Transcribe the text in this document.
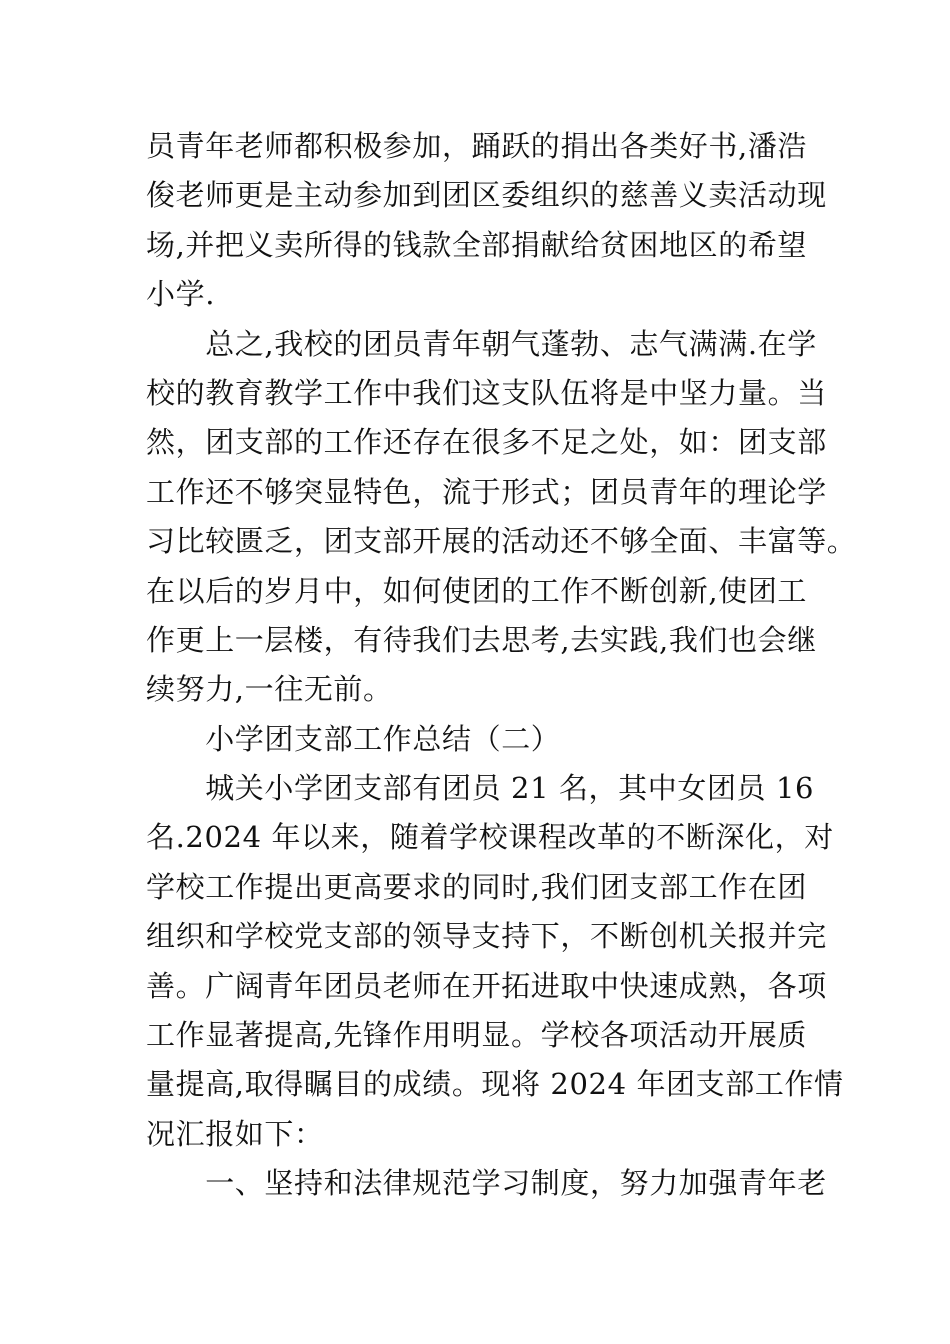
员青年老师都积极参加，踊跃的捐出各类好书,潘浩
俊老师更是主动参加到团区委组织的慈善义卖活动现
场,并把义卖所得的钱款全部捐献给贫困地区的希望
小学.
　　总之,我校的团员青年朝气蓬勃、志气满满.在学
校的教育教学工作中我们这支队伍将是中坚力量。当
然，团支部的工作还存在很多不足之处，如：团支部
工作还不够突显特色，流于形式；团员青年的理论学
习比较匮乏，团支部开展的活动还不够全面、丰富等。
在以后的岁月中，如何使团的工作不断创新,使团工
作更上一层楼，有待我们去思考,去实践,我们也会继
续努力,一往无前。
　　小学团支部工作总结（二）
　　城关小学团支部有团员 21 名，其中女团员 16
名.2024 年以来，随着学校课程改革的不断深化，对
学校工作提出更高要求的同时,我们团支部工作在团
组织和学校党支部的领导支持下，不断创机关报并完
善。广阔青年团员老师在开拓进取中快速成熟，各项
工作显著提高,先锋作用明显。学校各项活动开展质
量提高,取得瞩目的成绩。现将 2024 年团支部工作情
况汇报如下：
　　一、坚持和法律规范学习制度，努力加强青年老
